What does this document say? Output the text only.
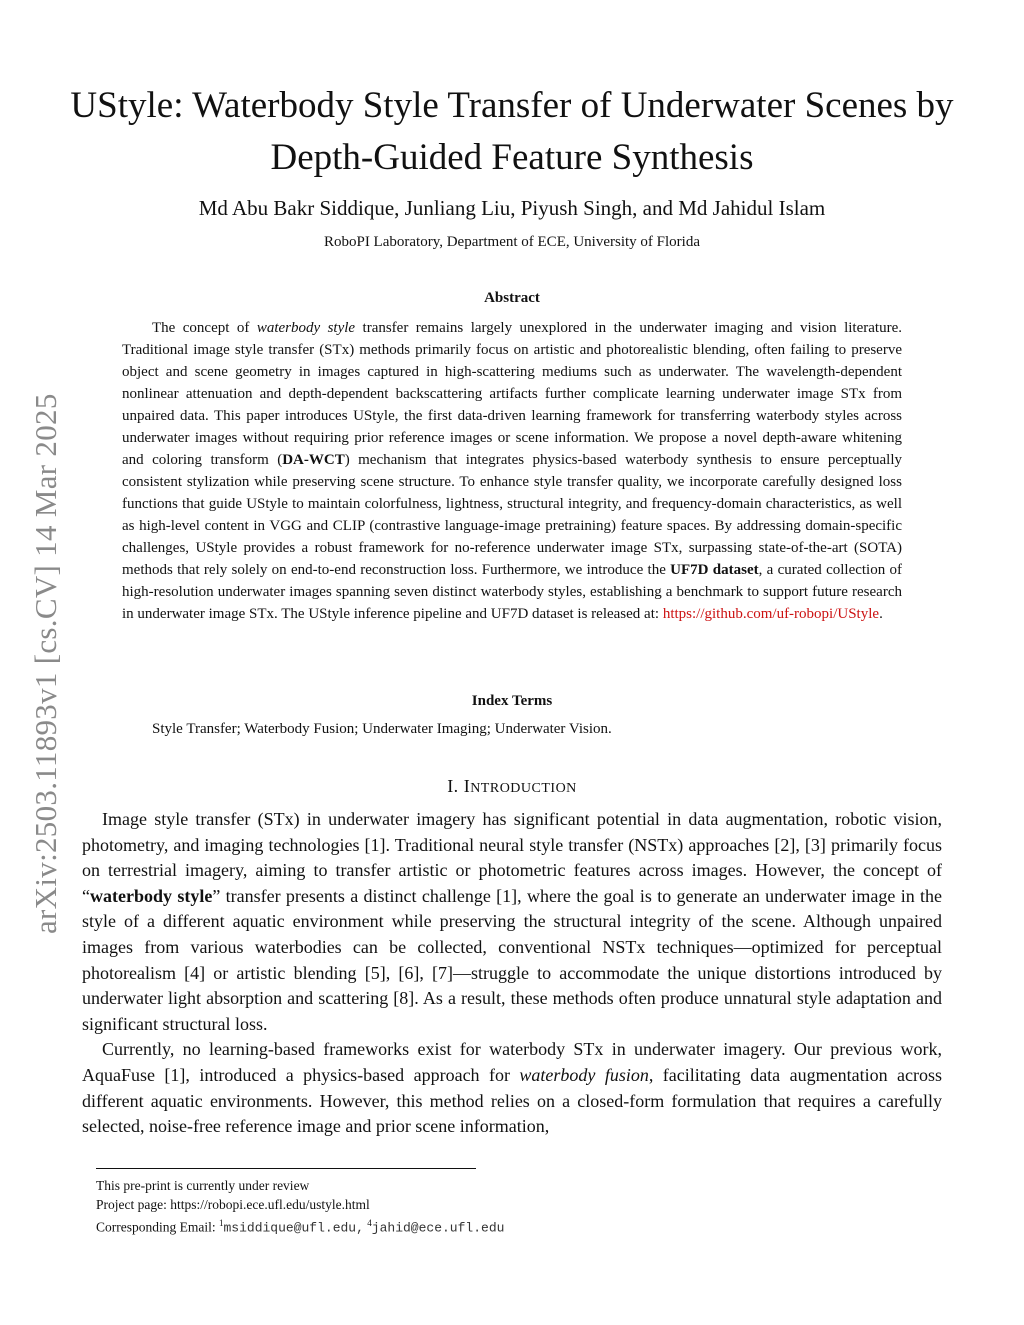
arXiv:2503.11893v1 [cs.CV] 14 Mar 2025
UStyle: Waterbody Style Transfer of Underwater Scenes by Depth-Guided Feature Synthesis

Md Abu Bakr Siddique, Junliang Liu, Piyush Singh, and Md Jahidul Islam

RoboPI Laboratory, Department of ECE, University of Florida

Abstract

The concept of waterbody style transfer remains largely unexplored in the underwater imaging and vision literature. Traditional image style transfer (STx) methods primarily focus on artistic and photorealistic blending, often failing to preserve object and scene geometry in images captured in high-scattering mediums such as underwater. The wavelength-dependent nonlinear attenuation and depth-dependent backscattering artifacts further complicate learning underwater image STx from unpaired data. This paper introduces UStyle, the first data-driven learning framework for transferring waterbody styles across underwater images without requiring prior reference images or scene information. We propose a novel depth-aware whitening and coloring transform (DA-WCT) mechanism that integrates physics-based waterbody synthesis to ensure perceptually consistent stylization while preserving scene structure. To enhance style transfer quality, we incorporate carefully designed loss functions that guide UStyle to maintain colorfulness, lightness, structural integrity, and frequency-domain characteristics, as well as high-level content in VGG and CLIP (contrastive language-image pretraining) feature spaces. By addressing domain-specific challenges, UStyle provides a robust framework for no-reference underwater image STx, surpassing state-of-the-art (SOTA) methods that rely solely on end-to-end reconstruction loss. Furthermore, we introduce the UF7D dataset, a curated collection of high-resolution underwater images spanning seven distinct waterbody styles, establishing a benchmark to support future research in underwater image STx. The UStyle inference pipeline and UF7D dataset is released at: https://github.com/uf-robopi/UStyle.

Index Terms

Style Transfer; Waterbody Fusion; Underwater Imaging; Underwater Vision.

I. INTRODUCTION

Image style transfer (STx) in underwater imagery has significant potential in data augmentation, robotic vision, photometry, and imaging technologies [1]. Traditional neural style transfer (NSTx) approaches [2], [3] primarily focus on terrestrial imagery, aiming to transfer artistic or photometric features across images. However, the concept of “waterbody style” transfer presents a distinct challenge [1], where the goal is to generate an underwater image in the style of a different aquatic environment while preserving the structural integrity of the scene. Although unpaired images from various waterbodies can be collected, conventional NSTx techniques—optimized for perceptual photorealism [4] or artistic blending [5], [6], [7]—struggle to accommodate the unique distortions introduced by underwater light absorption and scattering [8]. As a result, these methods often produce unnatural style adaptation and significant structural loss.

Currently, no learning-based frameworks exist for waterbody STx in underwater imagery. Our previous work, AquaFuse [1], introduced a physics-based approach for waterbody fusion, facilitating data augmentation across different aquatic environments. However, this method relies on a closed-form formulation that requires a carefully selected, noise-free reference image and prior scene information,

This pre-print is currently under review
Project page: https://robopi.ece.ufl.edu/ustyle.html
Corresponding Email: $^1$msiddique@ufl.edu, $^4$jahid@ece.ufl.edu
